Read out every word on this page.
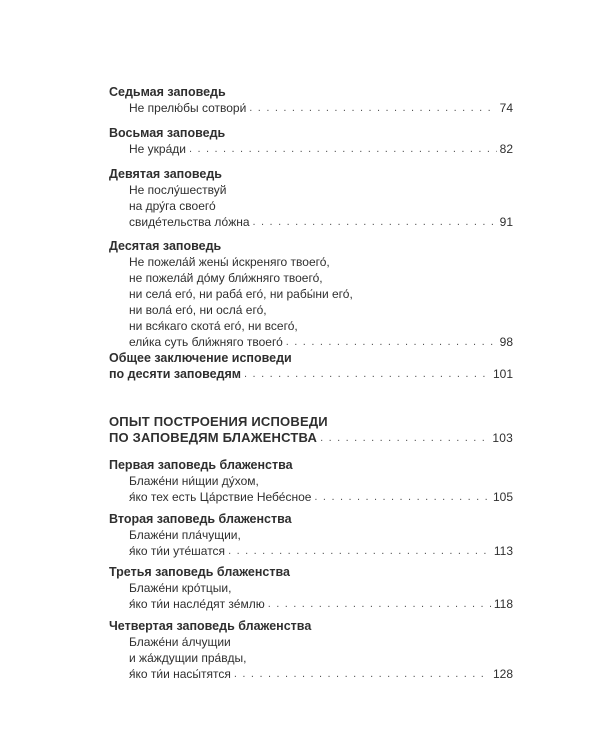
Седьмая заповедь
Не прелю́бы сотвори́ . . .	74
Восьмая заповедь
Не укра́ди . . .	82
Девятая заповедь
Не послу́шествуй
на дру́га своего́
свиде́тельства ло́жна . . .	91
Десятая заповедь
Не пожела́й жены́ и́скреняго твоего́,
не пожела́й до́му бли́жняго твоего́,
ни села́ его́, ни раба́ его́, ни рабы́ни его́,
ни вола́ его́, ни осла́ его́,
ни вся́каго скота́ его́, ни всего́,
ели́ка суть бли́жняго твоего́ . . .	98
Общее заключение исповеди
по десяти заповедям . . .	101
ОПЫТ ПОСТРОЕНИЯ ИСПОВЕДИ
ПО ЗАПОВЕДЯМ БЛАЖЕНСТВА . . .	103
Первая заповедь блаженства
Блаже́ни ни́щии ду́хом,
я́ко тех есть Ца́рствие Небе́сное . . .	105
Вторая заповедь блаженства
Блаже́ни пла́чущии,
я́ко ти́и уте́шатся . . .	113
Третья заповедь блаженства
Блаже́ни кро́тцыи,
я́ко ти́и насле́дят зе́млю . . .	118
Четвертая заповедь блаженства
Блаже́ни а́лчущии
и жа́ждущии пра́вды,
я́ко ти́и насы́тятся . . .	128
